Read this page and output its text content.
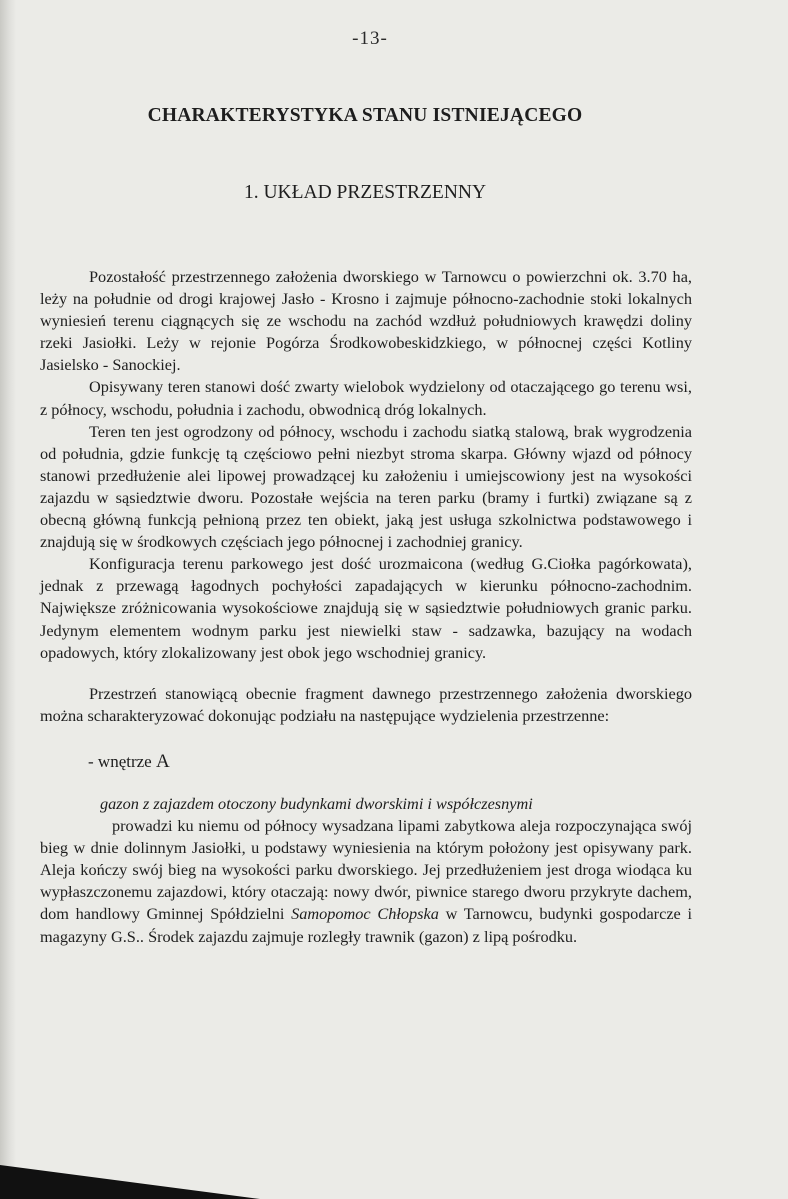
-13-
CHARAKTERYSTYKA STANU ISTNIEJĄCEGO
1. UKŁAD PRZESTRZENNY

Pozostałość przestrzennego założenia dworskiego w Tarnowcu o powierzchni ok. 3.70 ha, leży na południe od drogi krajowej Jasło - Krosno i zajmuje północno-zachodnie stoki lokalnych wyniesień terenu ciągnących się ze wschodu na zachód wzdłuż południowych krawędzi doliny rzeki Jasiołki. Leży w rejonie Pogórza Środkowobeskidzkiego, w północnej części Kotliny Jasielsko - Sanockiej.

Opisywany teren stanowi dość zwarty wielobok wydzielony od otaczającego go terenu wsi, z północy, wschodu, południa i zachodu, obwodnicą dróg lokalnych.

Teren ten jest ogrodzony od północy, wschodu i zachodu siatką stalową, brak wygrodzenia od południa, gdzie funkcję tą częściowo pełni niezbyt stroma skarpa. Główny wjazd od północy stanowi przedłużenie alei lipowej prowadzącej ku założeniu i umiejscowiony jest na wysokości zajazdu w sąsiedztwie dworu. Pozostałe wejścia na teren parku (bramy i furtki) związane są z obecną główną funkcją pełnioną przez ten obiekt, jaką jest usługa szkolnictwa podstawowego i znajdują się w środkowych częściach jego północnej i zachodniej granicy.

Konfiguracja terenu parkowego jest dość urozmaicona (według G.Ciołka pagórkowata), jednak z przewagą łagodnych pochyłości zapadających w kierunku północno-zachodnim. Największe zróżnicowania wysokościowe znajdują się w sąsiedztwie południowych granic parku. Jedynym elementem wodnym parku jest niewielki staw - sadzawka, bazujący na wodach opadowych, który zlokalizowany jest obok jego wschodniej granicy.

Przestrzeń stanowiącą obecnie fragment dawnego przestrzennego założenia dworskiego można scharakteryzować dokonując podziału na następujące wydzielenia przestrzenne:

- wnętrze A
gazon z zajazdem otoczony budynkami dworskimi i współczesnymi

prowadzi ku niemu od północy wysadzana lipami zabytkowa aleja rozpoczynająca swój bieg w dnie dolinnym Jasiołki, u podstawy wyniesienia na którym położony jest opisywany park. Aleja kończy swój bieg na wysokości parku dworskiego. Jej przedłużeniem jest droga wiodąca ku wypłaszczonemu zajazdowi, który otaczają: nowy dwór, piwnice starego dworu przykryte dachem, dom handlowy Gminnej Spółdzielni Samopomoc Chłopska w Tarnowcu, budynki gospodarcze i magazyny G.S.. Środek zajazdu zajmuje rozległy trawnik (gazon) z lipą pośrodku.
